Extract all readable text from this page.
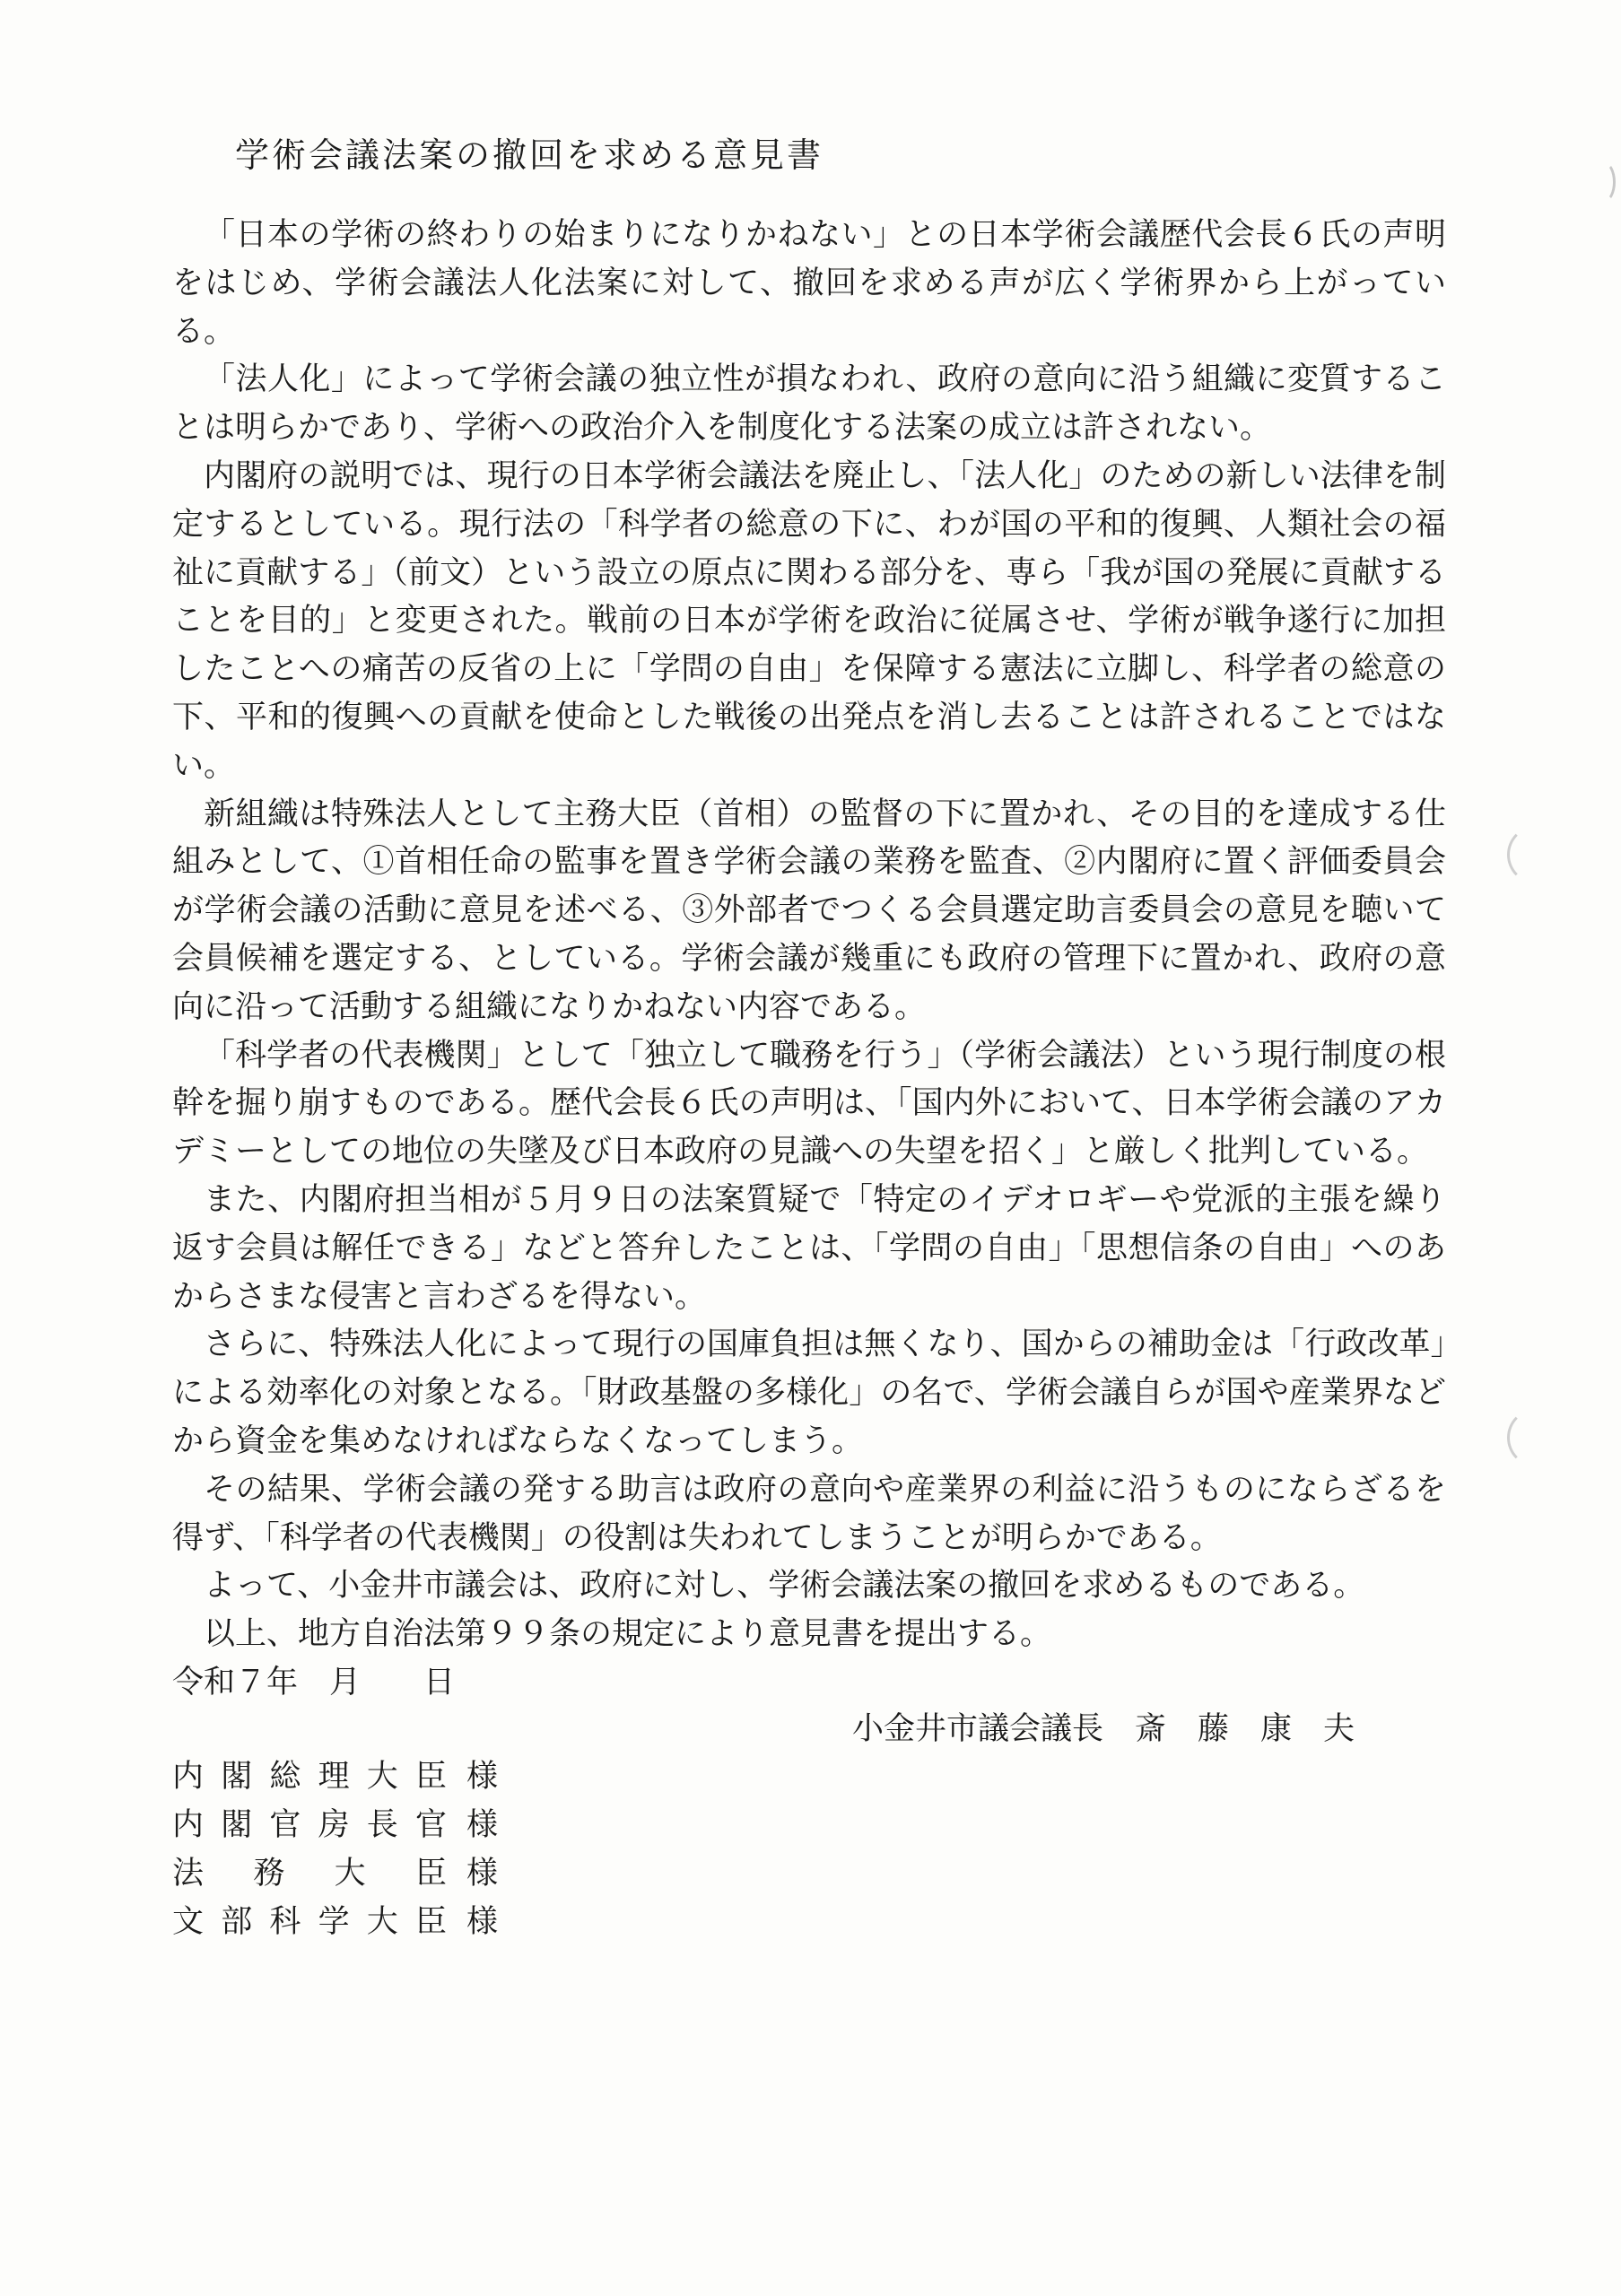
学術会議法案の撤回を求める意見書

「日本の学術の終わりの始まりになりかねない」との日本学術会議歴代会長６氏の声明をはじめ、学術会議法人化法案に対して、撤回を求める声が広く学術界から上がっている。

「法人化」によって学術会議の独立性が損なわれ、政府の意向に沿う組織に変質することは明らかであり、学術への政治介入を制度化する法案の成立は許されない。

内閣府の説明では、現行の日本学術会議法を廃止し、「法人化」のための新しい法律を制定するとしている。現行法の「科学者の総意の下に、わが国の平和的復興、人類社会の福祉に貢献する」（前文）という設立の原点に関わる部分を、専ら「我が国の発展に貢献することを目的」と変更された。戦前の日本が学術を政治に従属させ、学術が戦争遂行に加担したことへの痛苦の反省の上に「学問の自由」を保障する憲法に立脚し、科学者の総意の下、平和的復興への貢献を使命とした戦後の出発点を消し去ることは許されることではない。

新組織は特殊法人として主務大臣（首相）の監督の下に置かれ、その目的を達成する仕組みとして、①首相任命の監事を置き学術会議の業務を監査、②内閣府に置く評価委員会が学術会議の活動に意見を述べる、③外部者でつくる会員選定助言委員会の意見を聴いて会員候補を選定する、としている。学術会議が幾重にも政府の管理下に置かれ、政府の意向に沿って活動する組織になりかねない内容である。

「科学者の代表機関」として「独立して職務を行う」（学術会議法）という現行制度の根幹を掘り崩すものである。歴代会長６氏の声明は、「国内外において、日本学術会議のアカデミーとしての地位の失墜及び日本政府の見識への失望を招く」と厳しく批判している。

また、内閣府担当相が５月９日の法案質疑で「特定のイデオロギーや党派的主張を繰り返す会員は解任できる」などと答弁したことは、「学問の自由」「思想信条の自由」へのあからさまな侵害と言わざるを得ない。

さらに、特殊法人化によって現行の国庫負担は無くなり、国からの補助金は「行政改革」による効率化の対象となる。「財政基盤の多様化」の名で、学術会議自らが国や産業界などから資金を集めなければならなくなってしまう。

その結果、学術会議の発する助言は政府の意向や産業界の利益に沿うものにならざるを得ず、「科学者の代表機関」の役割は失われてしまうことが明らかである。

よって、小金井市議会は、政府に対し、学術会議法案の撤回を求めるものである。

以上、地方自治法第９９条の規定により意見書を提出する。

令和７年　月　　日
小金井市議会議長　斎　藤　康　夫
内閣総理大臣 様
内閣官房長官 様
法務大臣 様
文部科学大臣 様
